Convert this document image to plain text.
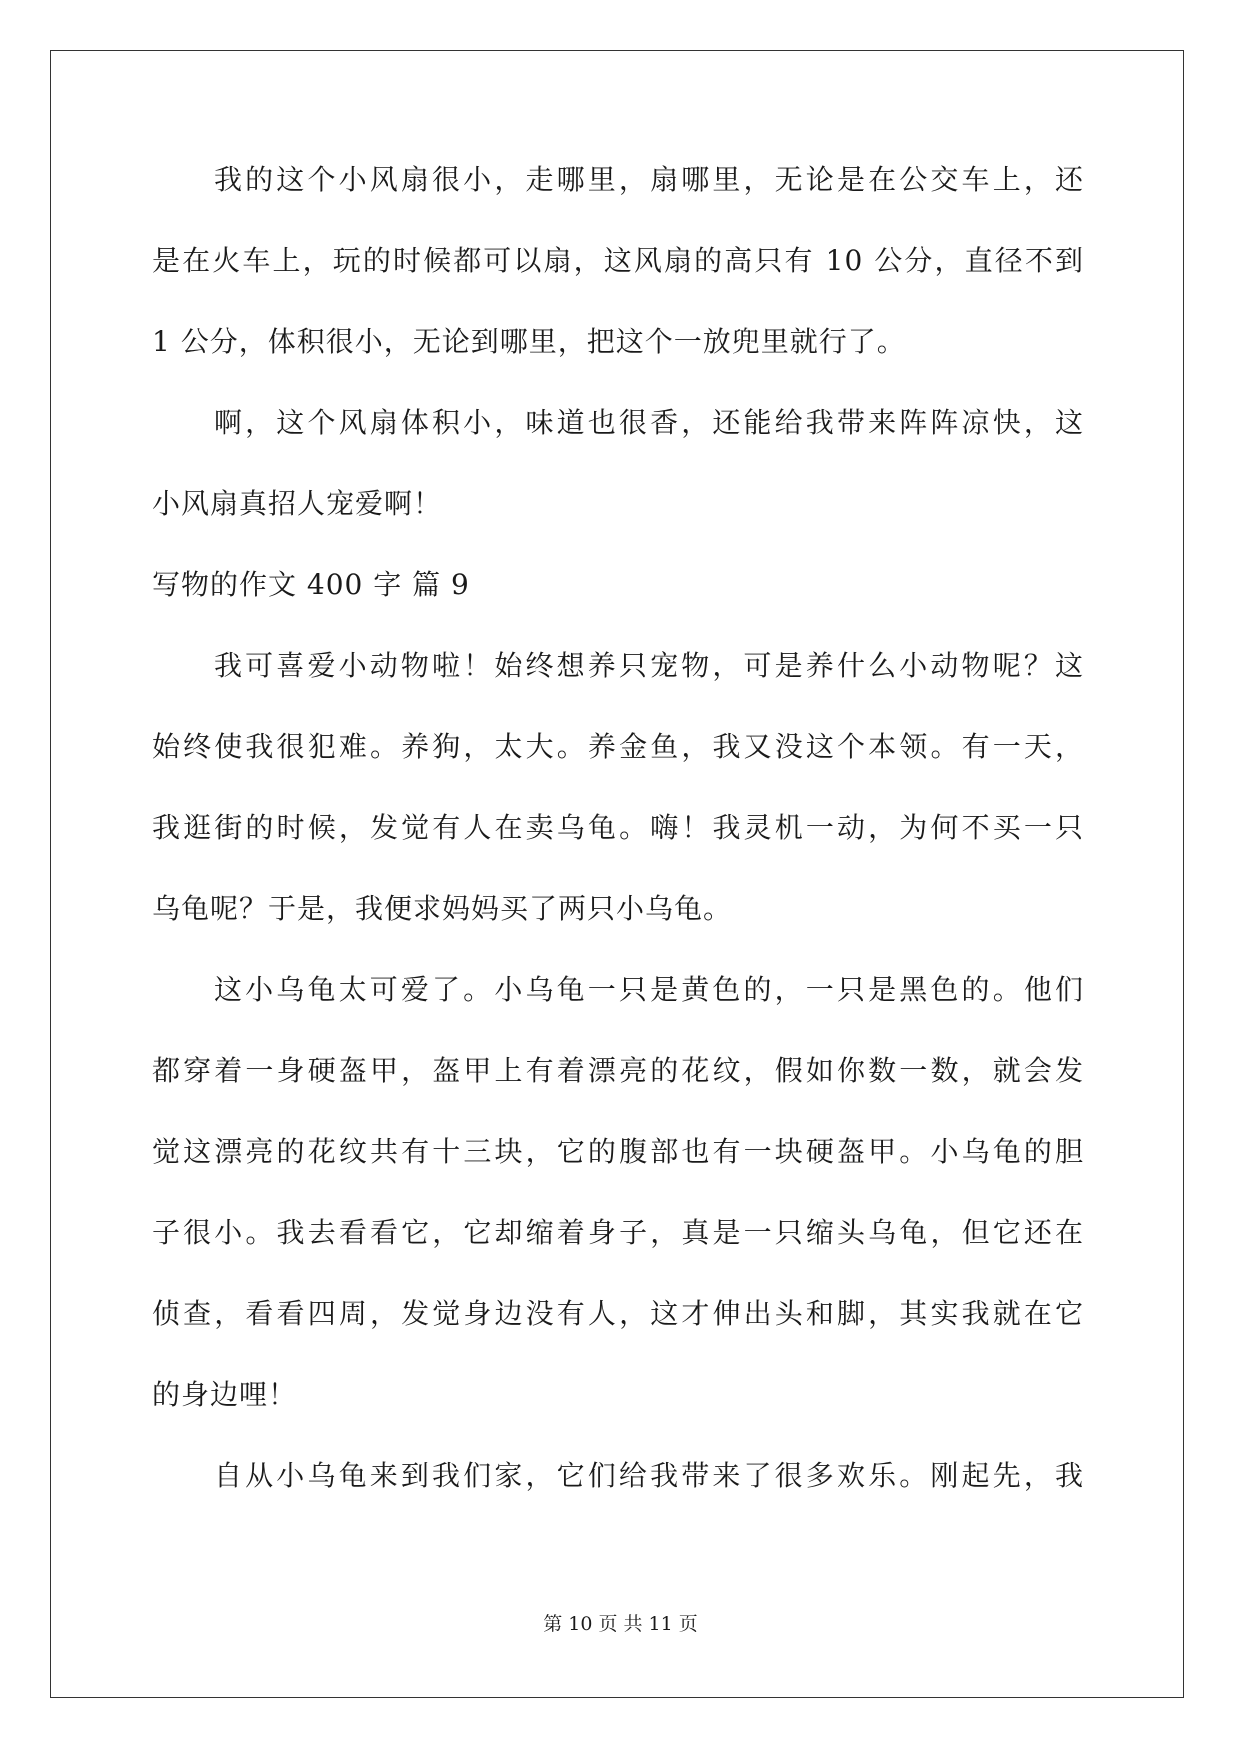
我的这个小风扇很小，走哪里，扇哪里，无论是在公交车上，还
是在火车上，玩的时候都可以扇，这风扇的高只有 10 公分，直径不到
1 公分，体积很小，无论到哪里，把这个一放兜里就行了。
啊，这个风扇体积小，味道也很香，还能给我带来阵阵凉快，这
小风扇真招人宠爱啊！
写物的作文 400 字 篇 9
我可喜爱小动物啦！始终想养只宠物，可是养什么小动物呢？这
始终使我很犯难。养狗，太大。养金鱼，我又没这个本领。有一天，
我逛街的时候，发觉有人在卖乌龟。嗨！我灵机一动，为何不买一只
乌龟呢？于是，我便求妈妈买了两只小乌龟。
这小乌龟太可爱了。小乌龟一只是黄色的，一只是黑色的。他们
都穿着一身硬盔甲，盔甲上有着漂亮的花纹，假如你数一数，就会发
觉这漂亮的花纹共有十三块，它的腹部也有一块硬盔甲。小乌龟的胆
子很小。我去看看它，它却缩着身子，真是一只缩头乌龟，但它还在
侦查，看看四周，发觉身边没有人，这才伸出头和脚，其实我就在它
的身边哩！
自从小乌龟来到我们家，它们给我带来了很多欢乐。刚起先，我
第 10 页 共 11 页
